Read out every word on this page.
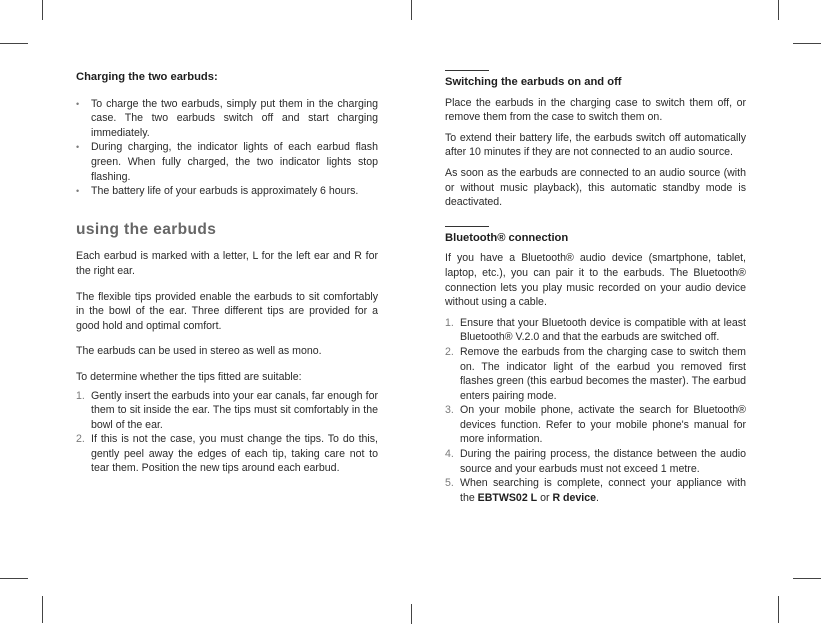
Charging the two earbuds:
• To charge the two earbuds, simply put them in the charging case. The two earbuds switch off and start charging immediately.
• During charging, the indicator lights of each earbud flash green. When fully charged, the two indicator lights stop flashing.
• The battery life of your earbuds is approximately 6 hours.
using the earbuds

Each earbud is marked with a letter, L for the left ear and R for the right ear.

The flexible tips provided enable the earbuds to sit comfortably in the bowl of the ear. Three different tips are provided for a good hold and optimal comfort.

The earbuds can be used in stereo as well as mono.

To determine whether the tips fitted are suitable:

1. Gently insert the earbuds into your ear canals, far enough for them to sit inside the ear. The tips must sit comfortably in the bowl of the ear.
2. If this is not the case, you must change the tips. To do this, gently peel away the edges of each tip, taking care not to tear them. Position the new tips around each earbud.
Switching the earbuds on and off

Place the earbuds in the charging case to switch them off, or remove them from the case to switch them on.

To extend their battery life, the earbuds switch off automatically after 10 minutes if they are not connected to an audio source.

As soon as the earbuds are connected to an audio source (with or without music playback), this automatic standby mode is deactivated.

Bluetooth® connection

If you have a Bluetooth® audio device (smartphone, tablet, laptop, etc.), you can pair it to the earbuds. The Bluetooth® connection lets you play music recorded on your audio device without using a cable.

1. Ensure that your Bluetooth device is compatible with at least Bluetooth® V.2.0 and that the earbuds are switched off.
2. Remove the earbuds from the charging case to switch them on. The indicator light of the earbud you removed first flashes green (this earbud becomes the master). The earbud enters pairing mode.
3. On your mobile phone, activate the search for Bluetooth® devices function. Refer to your mobile phone's manual for more information.
4. During the pairing process, the distance between the audio source and your earbuds must not exceed 1 metre.
5. When searching is complete, connect your appliance with the EBTWS02 L or R device.
